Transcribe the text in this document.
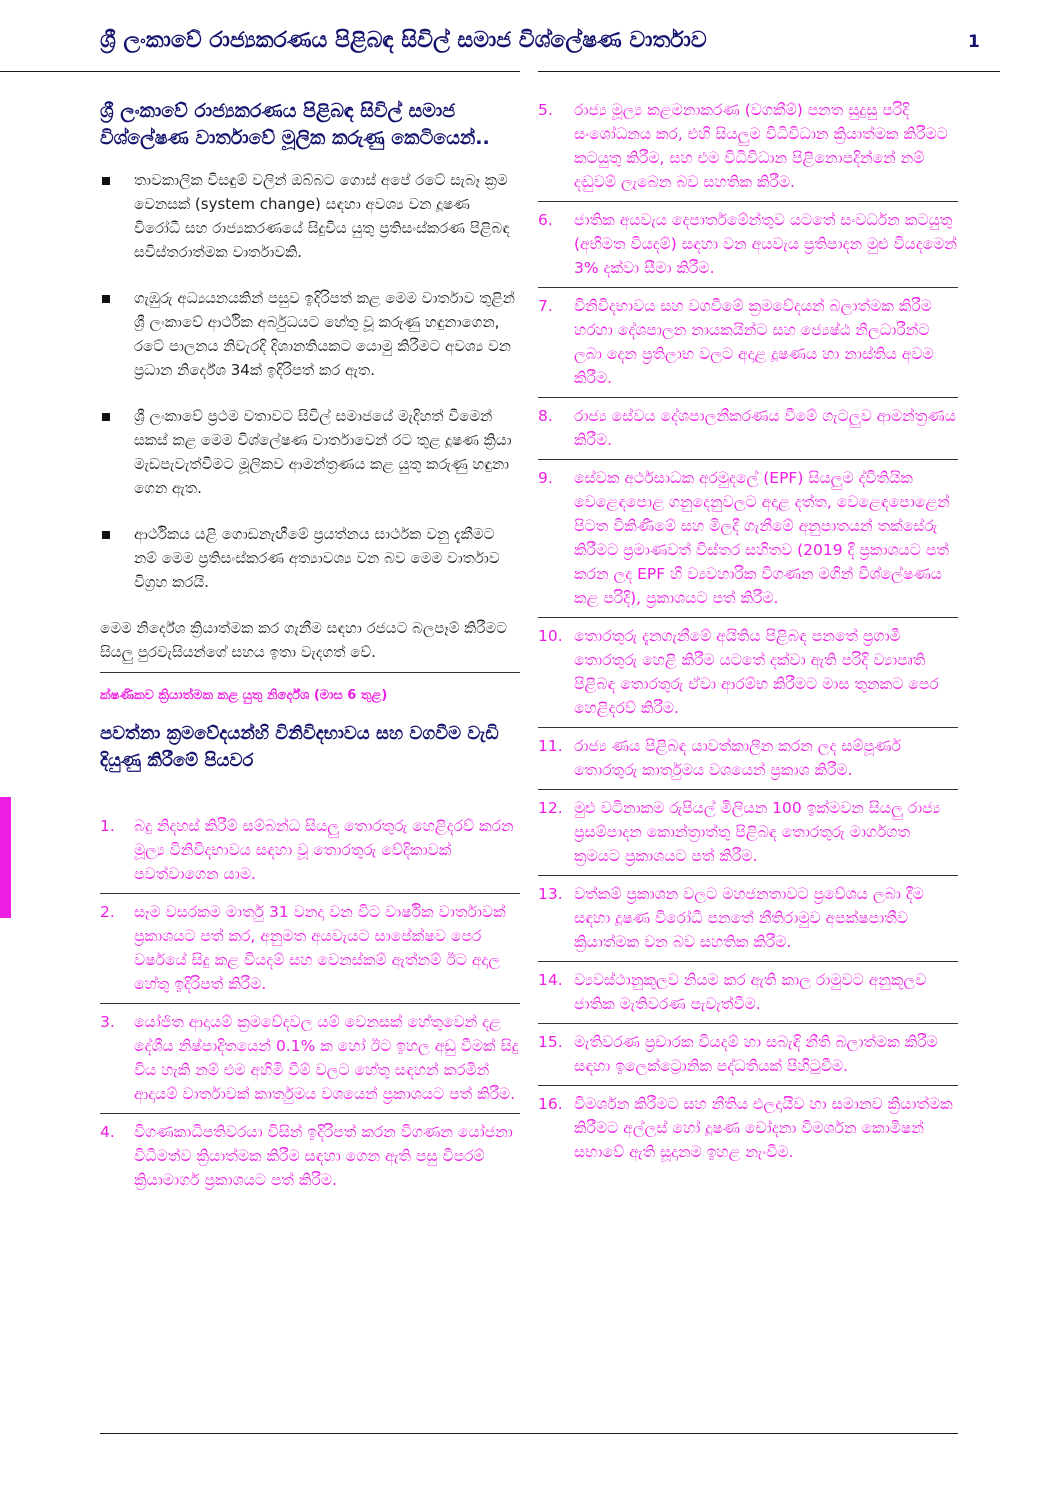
ශ්‍රී ලංකාවේ රාජ්‍යකරණය පිළිබඳ සිවිල් සමාජ විශ්ලේෂණ වාර්තාව	1
ශ්‍රී ලංකාවේ රාජ්‍යකරණය පිළිබඳ සිවිල් සමාජ විශ්ලේෂණ වාර්තාවේ මූලික කරුණු කෙටියෙන්..
තාවකාලික විසඳුම් වලින් ඔබ්බට ගොස් අපේ රටේ සැබෑ ක්‍රම වෙනසක් (system change) සඳහා අවශ්‍ය වන දූෂණ විරෝධී සහ රාජ්‍යකරණයේ සිදුවිය යුතු ප්‍රතිසංස්කරණ පිළිබඳ සවිස්තරාත්මක වාර්තාවකි.
ගැඹුරු අධ්‍යයනයකින් පසුව ඉදිරිපත් කළ මෙම වාර්තාව තුළින් ශ්‍රී ලංකාවේ ආර්ථික අර්බුධයට හේතු වූ කරුණු හඳුනාගෙන, රටේ පාලනය නිවැරදි දිශානතියකට යොමු කිරීමට අවශ්‍ය වන ප්‍රධාන නිර්දේශ 34ක් ඉදිරිපත් කර ඇත.
ශ්‍රී ලංකාවේ ප්‍රථම වතාවට සිවිල් සමාජයේ මැදිහත් වීමෙන් සකස් කළ මෙම විශ්ලේෂණ වාර්තාවෙන් රට තුළ දූෂණ ක්‍රියා මැඩපැවැත්වීමට මූලිකව ආමන්ත්‍රණය කළ යුතු කරුණු හඳුනා ගෙන ඇත.
ආර්ථිකය යළි ගොඩනැඟීමේ ප්‍රයත්නය සාර්ථක වනු දැකීමට නම් මෙම ප්‍රතිසංස්කරණ අත්‍යාවශ්‍ය වන බව මෙම වාර්තාව විග්‍රහ කරයි.
මෙම නිර්දේශ ක්‍රියාත්මක කර ගැනීම සඳහා රජයට බලපෑම් කිරීමට සියලු පුරවැසියන්ගේ සහය ඉතා වැදගත් වේ.
ක්ෂණිකව ක්‍රියාත්මක කළ යුතු නිර්දේශ (මාස 6 තුළ)
පවත්නා ක්‍රමවේදයන්හි විනිවිදභාවය සහ වගවීම වැඩි දියුණු කිරීමේ පියවර
1.	බදු නිදහස් කිරීම් සම්බන්ධ සියලු තොරතුරු හෙළිදරව් කරන මූල්‍ය විනිවිදභාවය සඳහා වූ තොරතුරු වේදිකාවක් පවත්වාගෙන යාම.
2.	සෑම වසරකම මාර්තු 31 වනදා වන විට වාර්ෂික වාර්තාවක් ප්‍රකාශයට පත් කර, අනුමත අයවැයට සාපේක්ෂව පෙර වර්ෂයේ සිදු කළ වියදම් සහ වෙනස්කම් ඇත්නම් ඊට අදාල හේතු ඉදිරිපත් කිරීම.
3.	යෝජිත ආදායම් ක්‍රමවේදවල යම් වෙනසක් හේතුවෙන් දළ දේශීය නිෂ්පාදිතයෙන් 0.1% ක හෝ ඊට ඉහල අඩු වීමක් සිදු විය හැකි නම් එම අහිමි වීම් වලට හේතු සඳහන් කරමින් ආදායම් වාර්තාවක් කාර්තුමය වශයෙන් ප්‍රකාශයට පත් කිරීම.
4.	විගණකාධිපතිවරයා විසින් ඉදිරිපත් කරන විගණන යෝජනා විධිමත්ව ක්‍රියාත්මක කිරීම සඳහා ගෙන ඇති පසු විපරම් ක්‍රියාමාර්ග ප්‍රකාශයට පත් කිරීම.
5.	රාජ්‍ය මූල්‍ය කළමනාකරණ (වගකීම්) පනත සුදුසු පරිදි සංශෝධනය කර, එහි සියලුම විධිවිධාන ක්‍රියාත්මක කිරීමට කටයුතු කිරීම, සහ එම විධිවිධාන පිළිනොපදින්නේ නම් දඬුවම් ලැබෙන බව සහතික කිරීම.
6.	ජාතික අයවැය දෙපාර්තමේන්තුව යටතේ සංවර්ධන කටයුතු (අභිමත වියදම්) සඳහා වන අයවැය ප්‍රතිපාදන මුළු වියදමෙන් 3% දක්වා සීමා කිරීම.
7.	විනිවිදභාවය සහ වගවීමේ ක්‍රමවේදයන් බලාත්මක කිරීම හරහා දේශපාලන නායකයින්ට සහ ජ්‍යෙෂ්ඨ නිලධාරීන්ට ලබා දෙන ප්‍රතිලාභ වලට අදාළ දූෂණය හා නාස්තිය අවම කිරීම.
8.	රාජ්‍ය සේවය දේශපාලනීකරණය වීමේ ගැටලුව ආමන්ත්‍රණය කිරීම.
9.	සේවක අර්ථසාධක අරමුදලේ (EPF) සියලුම ද්විතියික වෙළෙඳපොළ ගනුදෙනුවලට අදාළ දත්ත, වෙළෙඳපොළෙන් පිටත විකිණීමේ සහ මිලදී ගැනීමේ අනුපාතයන් තක්සේරු කිරීමට ප්‍රමාණවත් විස්තර සහිතව (2019 දී ප්‍රකාශයට පත් කරන ලද EPF හි ව්‍යවහාරික විගණන මගින් විශ්ලේෂණය කළ පරිදි), ප්‍රකාශයට පත් කිරීම.
10. තොරතුරු දැනගැනීමේ අයිතිය පිළිබඳ පනතේ ප්‍රගාමී තොරතුරු හෙළි කිරීම යටතේ දක්වා ඇති පරිදි ව්‍යාපෘති පිළිබඳ තොරතුරු ඒවා ආරම්භ කිරීමට මාස තුනකට පෙර හෙළිදරව් කිරීම.
11. රාජ්‍ය ණය පිළිබඳ යාවත්කාලීන කරන ලද සම්පූර්ණ තොරතුරු කාර්තුමය වශයෙන් ප්‍රකාශ කිරීම.
12. මුළු වටිනාකම රුපියල් මිලියන 100 ඉක්මවන සියලු රාජ්‍ය ප්‍රසම්පාදන කොන්ත්‍රාත්තු පිළිබඳ තොරතුරු මාර්ගගත ක්‍රමයට ප්‍රකාශයට පත් කිරීම.
13. වත්කම් ප්‍රකාශන වලට මහජනතාවට ප්‍රවේශය ලබා දීම සඳහා දූෂණ විරෝධී පනතේ නීතිරාමුව අපක්ෂපාතීව ක්‍රියාත්මක වන බව සහතික කිරීම.
14. ව්‍යවස්ථානුකූලව නියම කර ඇති කාල රාමුවට අනුකූලව ජාතික මැතිවරණ පැවැත්වීම.
15. මැතිවරණ ප්‍රචාරක වියදම් හා සබැඳි නීති බලාත්මක කිරීම සඳහා ඉලෙක්ට්‍රොනික පද්ධතියක් පිහිටුවීම.
16. විමර්ශන කිරීමට සහ නීතිය එලදායීව හා සමානව ක්‍රියාත්මක කිරීමට අල්ලස් හෝ දූෂණ චෝදනා විමර්ශන කොමිෂන් සභාවේ ඇති සූදානම ඉහළ නැංවීම.
